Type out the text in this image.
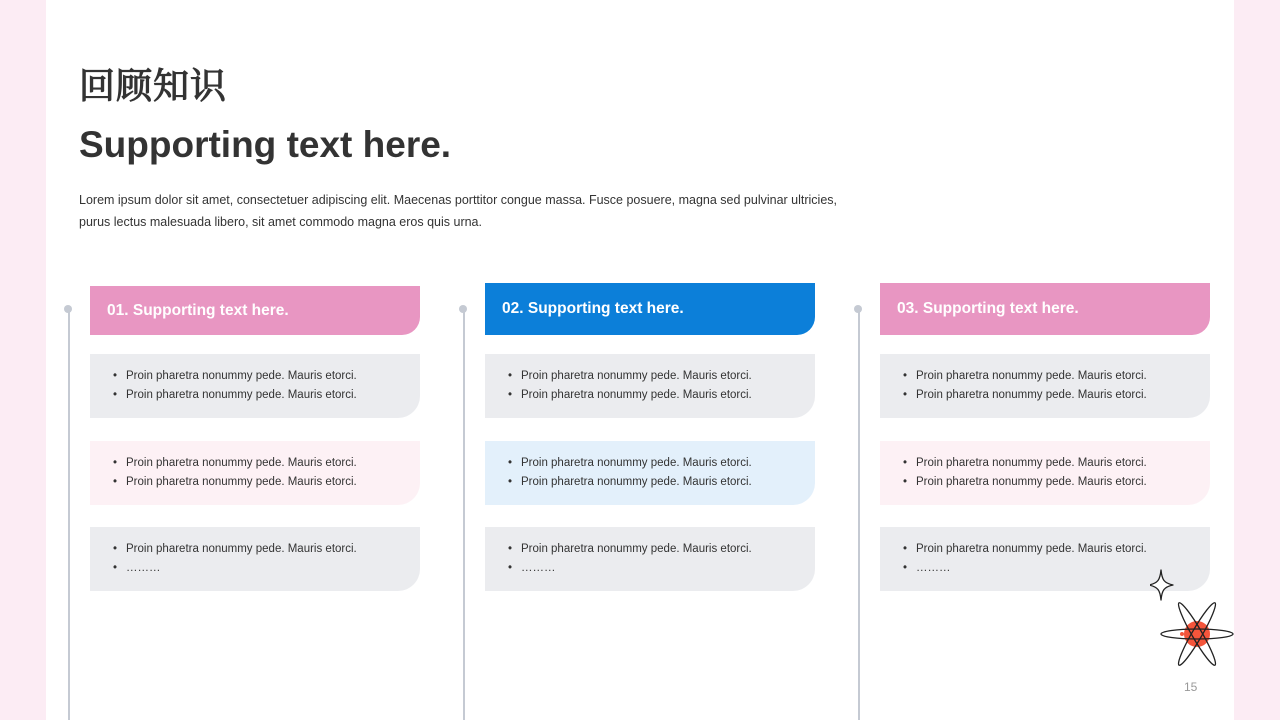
回顾知识
Supporting text here.
Lorem ipsum dolor sit amet, consectetuer adipiscing elit. Maecenas porttitor congue massa. Fusce posuere, magna sed pulvinar ultricies,
purus lectus malesuada libero, sit amet commodo magna eros quis urna.
01. Supporting text here.
• Proin pharetra nonummy pede. Mauris etorci.
• Proin pharetra nonummy pede. Mauris etorci.
• Proin pharetra nonummy pede. Mauris etorci.
• Proin pharetra nonummy pede. Mauris etorci.
• Proin pharetra nonummy pede. Mauris etorci.
• ………
02. Supporting text here.
• Proin pharetra nonummy pede. Mauris etorci.
• Proin pharetra nonummy pede. Mauris etorci.
• Proin pharetra nonummy pede. Mauris etorci.
• Proin pharetra nonummy pede. Mauris etorci.
• Proin pharetra nonummy pede. Mauris etorci.
• ………
03. Supporting text here.
• Proin pharetra nonummy pede. Mauris etorci.
• Proin pharetra nonummy pede. Mauris etorci.
• Proin pharetra nonummy pede. Mauris etorci.
• Proin pharetra nonummy pede. Mauris etorci.
• Proin pharetra nonummy pede. Mauris etorci.
• ………
15
